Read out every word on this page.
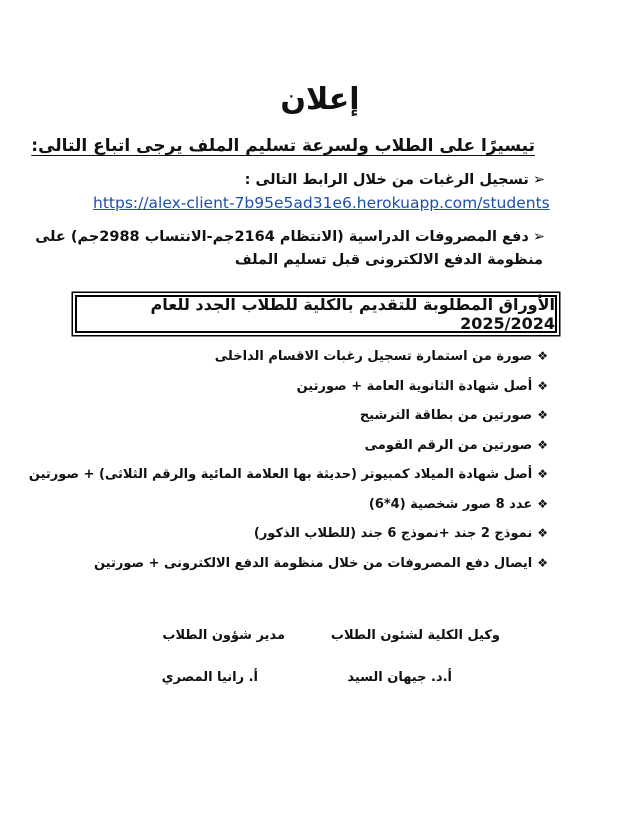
إعلان
تيسيرًا على الطلاب ولسرعة تسليم الملف يرجى اتباع التالى:
➢تسجيل الرغبات من خلال الرابط التالى :
https://alex-client-7b95e5ad31e6.herokuapp.com/students
➢دفع المصروفات الدراسية (الانتظام 2164جم-الانتساب 2988جم) على
منظومة الدفع الالكترونى قبل تسليم الملف
الأوراق المطلوبة للتقديم بالكلية للطلاب الجدد للعام 2025/2024
❖صورة من استمارة تسجيل رغبات الاقسام الداخلى
❖أصل شهادة الثانوية العامة + صورتين
❖صورتين من بطاقة الترشيح
❖صورتين من الرقم القومى
❖أصل شهادة الميلاد كمبيوتر (حديثة بها العلامة المائية والرقم الثلاثى) + صورتين
❖عدد 8 صور شخصية (4*6)
❖نموذج 2 جند +نموذج 6 جند (للطلاب الذكور)
❖ايصال دفع المصروفات من خلال منظومة الدفع الالكترونى + صورتين
وكيل الكلية لشئون الطلاب
أ.د. جيهان السيد
مدير شؤون الطلاب
أ. رانيا المصري
